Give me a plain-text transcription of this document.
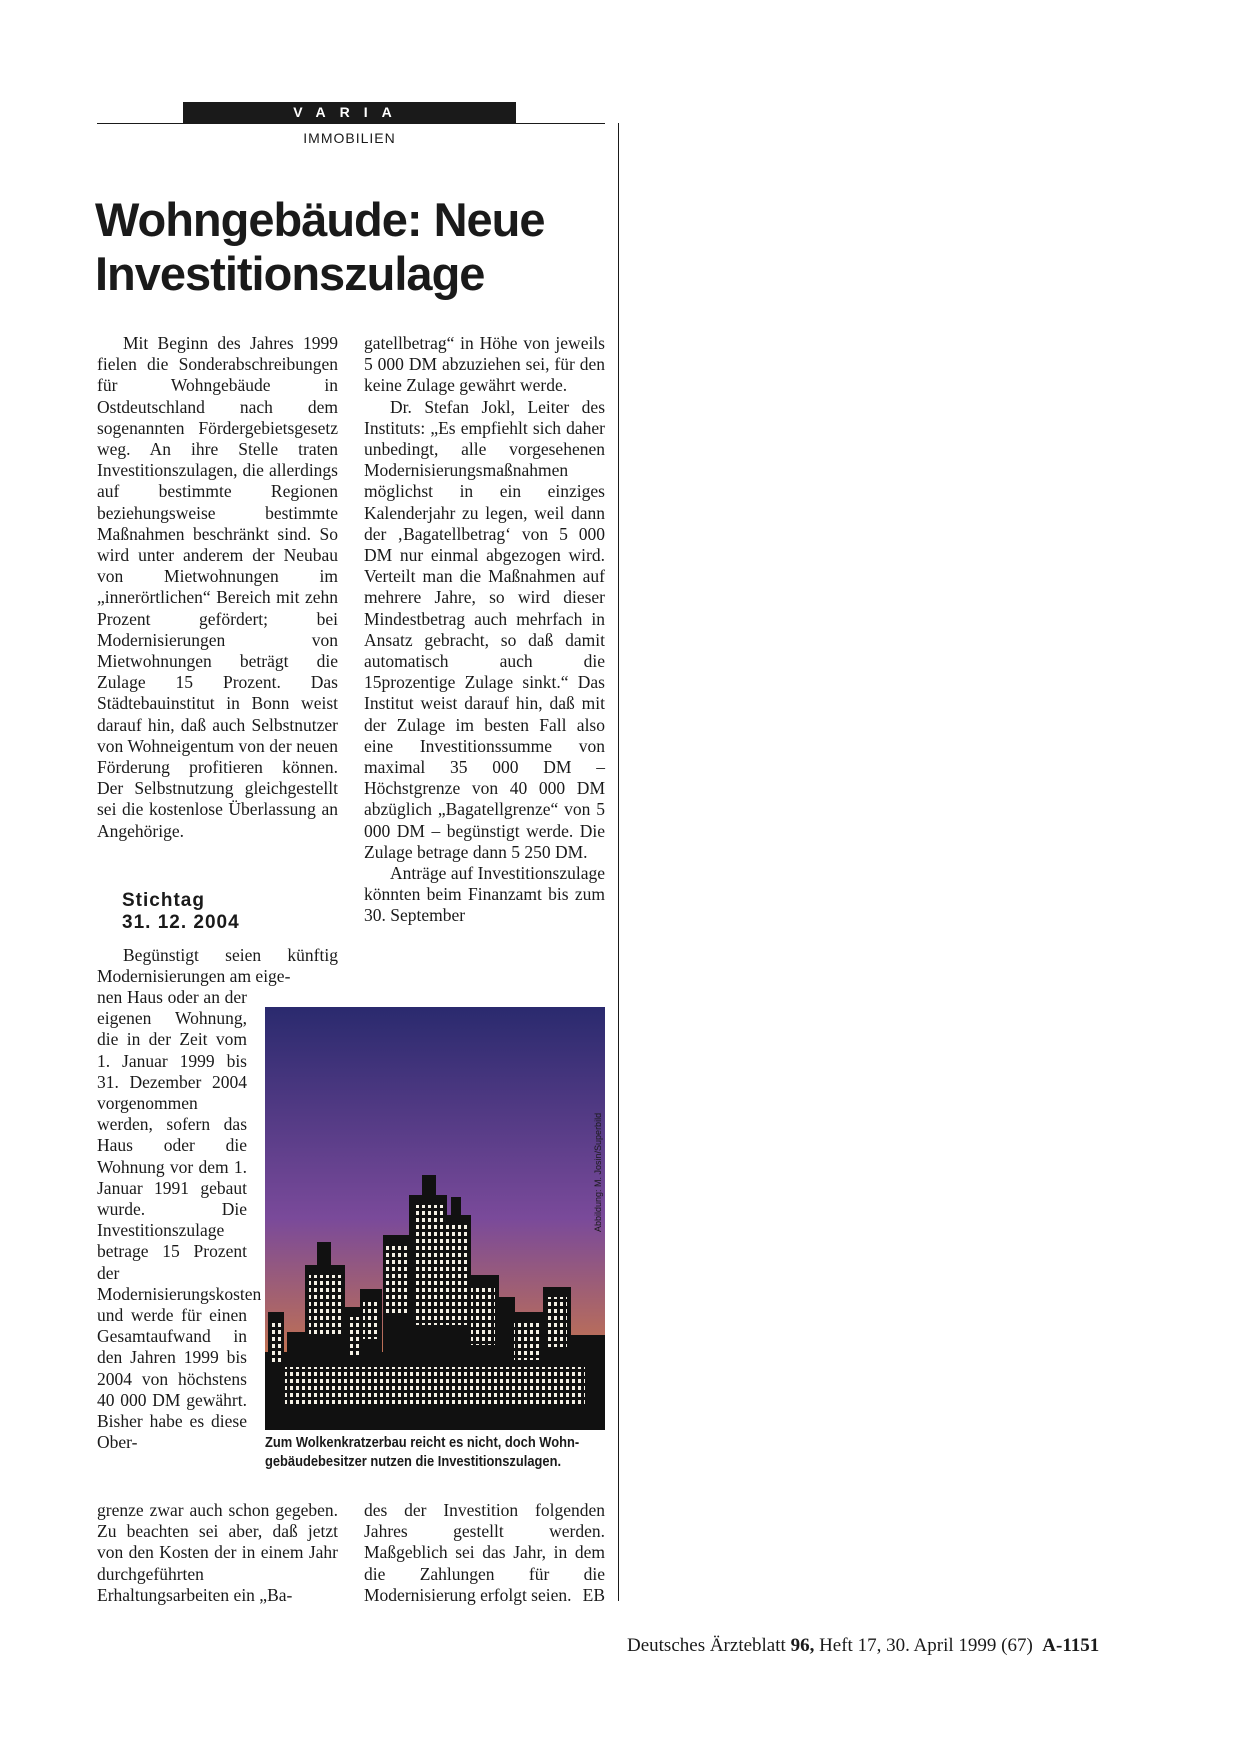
VARIA
IMMOBILIEN
Wohngebäude: Neue
Investitionszulage

Mit Beginn des Jahres 1999 fielen die Sonderabschreibungen für Wohngebäude in Ostdeutschland nach dem sogenannten Fördergebietsgesetz weg. An ihre Stelle traten Investitionszulagen, die allerdings auf bestimmte Regionen beziehungsweise bestimmte Maßnahmen beschränkt sind. So wird unter anderem der Neubau von Mietwohnungen im „innerörtlichen“ Bereich mit zehn Prozent gefördert; bei Modernisierungen von Mietwohnungen beträgt die Zulage 15 Prozent. Das Städtebauinstitut in Bonn weist darauf hin, daß auch Selbstnutzer von Wohneigentum von der neuen Förderung profitieren können. Der Selbstnutzung gleichgestellt sei die kostenlose Überlassung an Angehörige.

Stichtag
31. 12. 2004

Begünstigt seien künftig Modernisierungen am eige-

nen Haus oder an der eigenen Wohnung, die in der Zeit vom 1. Januar 1999 bis 31. Dezember 2004 vorgenommen werden, sofern das Haus oder die Wohnung vor dem 1. Januar 1991 gebaut wurde. Die Investitionszulage betrage 15 Prozent der Modernisierungskosten und werde für einen Gesamtaufwand in den Jahren 1999 bis 2004 von höchstens 40 000 DM gewährt. Bisher habe es diese Ober-

grenze zwar auch schon gegeben. Zu beachten sei aber, daß jetzt von den Kosten der in einem Jahr durchgeführten Erhaltungsarbeiten ein „Ba-

gatellbetrag“ in Höhe von jeweils 5 000 DM abzuziehen sei, für den keine Zulage gewährt werde.

Dr. Stefan Jokl, Leiter des Instituts: „Es empfiehlt sich daher unbedingt, alle vorgesehenen Modernisierungsmaßnahmen möglichst in ein einziges Kalenderjahr zu legen, weil dann der ‚Bagatellbetrag‘ von 5 000 DM nur einmal abgezogen wird. Verteilt man die Maßnahmen auf mehrere Jahre, so wird dieser Mindestbetrag auch mehrfach in Ansatz gebracht, so daß damit automatisch auch die 15prozentige Zulage sinkt.“ Das Institut weist darauf hin, daß mit der Zulage im besten Fall also eine Investitionssumme von maximal 35 000 DM – Höchstgrenze von 40 000 DM abzüglich „Bagatellgrenze“ von 5 000 DM – begünstigt werde. Die Zulage betrage dann 5 250 DM.

Anträge auf Investitionszulage könnten beim Finanzamt bis zum 30. September

des der Investition folgenden Jahres gestellt werden. Maßgeblich sei das Jahr, in dem die Zahlungen für die Modernisierung erfolgt seien. EB

Abbildung: M. Josin/Superbild
Zum Wolkenkratzerbau reicht es nicht, doch Wohn-
gebäudebesitzer nutzen die Investitionszulagen.
Deutsches Ärzteblatt 96, Heft 17, 30. April 1999 (67) A-1151
